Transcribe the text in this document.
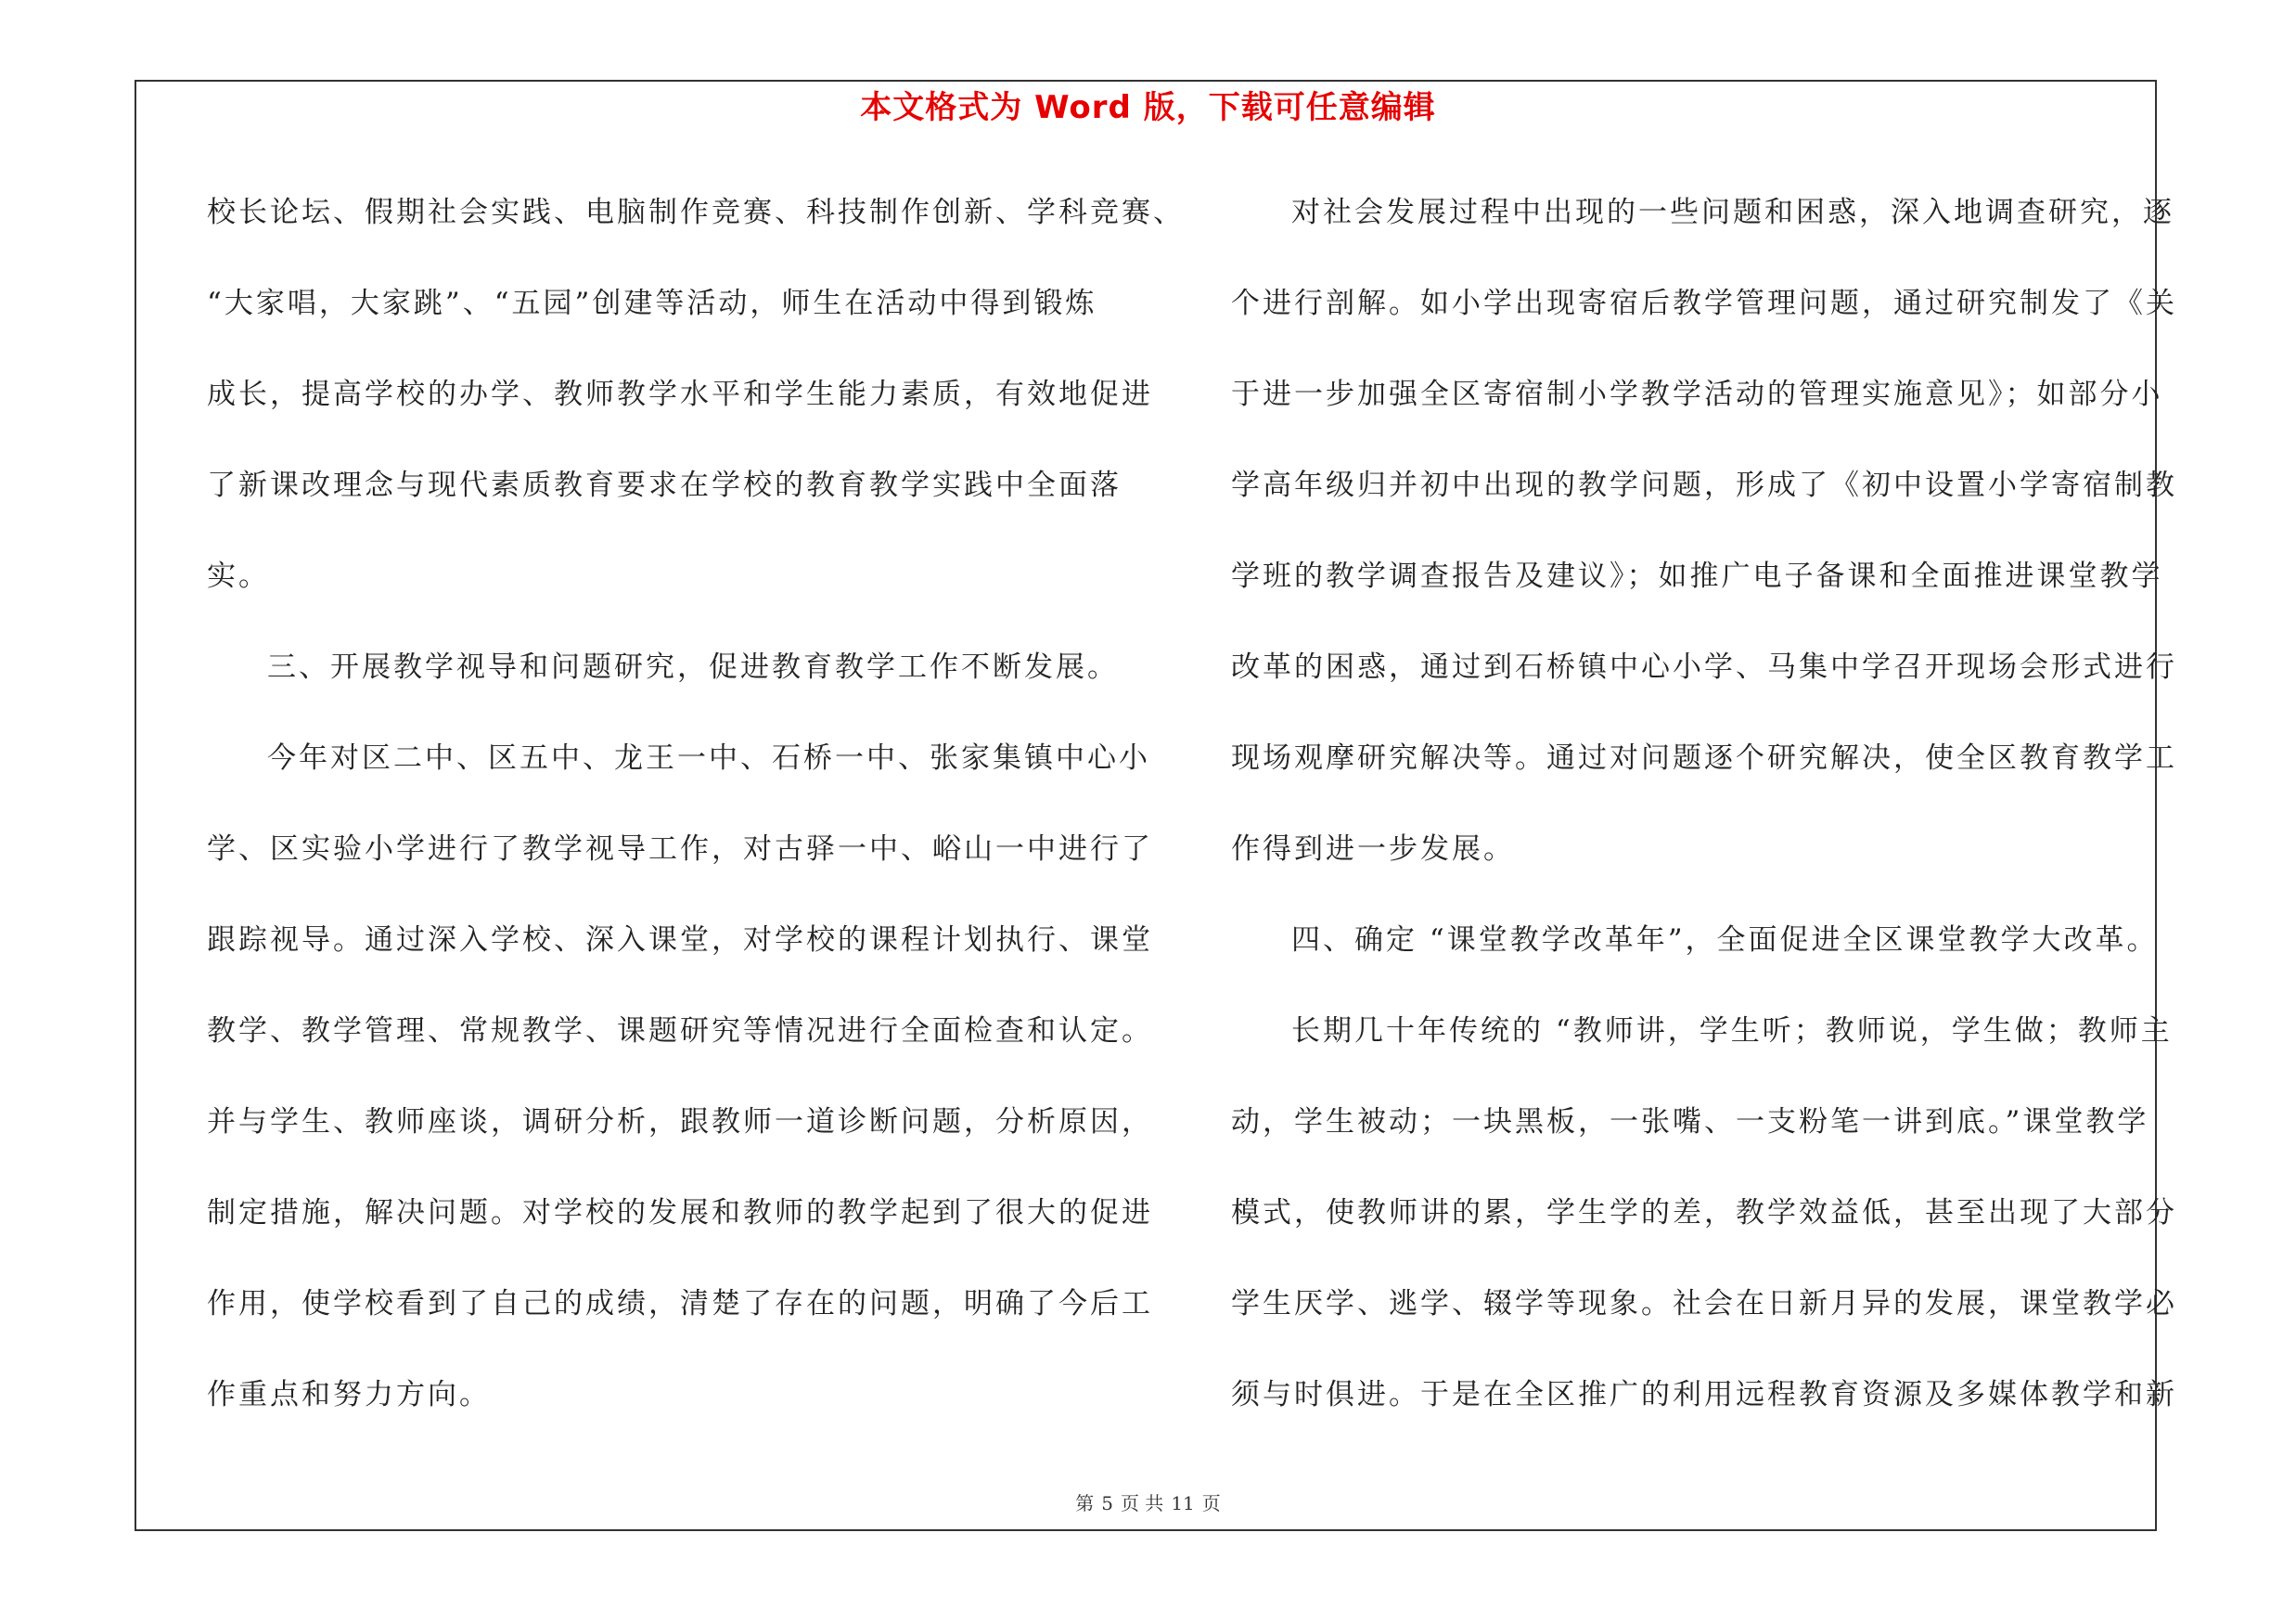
本文格式为 Word 版，下载可任意编辑
校长论坛、假期社会实践、电脑制作竞赛、科技制作创新、学科竞赛、
“大家唱，大家跳”、“五园”创建等活动，师生在活动中得到锻炼
成长，提高学校的办学、教师教学水平和学生能力素质，有效地促进
了新课改理念与现代素质教育要求在学校的教育教学实践中全面落
实。
三、开展教学视导和问题研究，促进教育教学工作不断发展。
今年对区二中、区五中、龙王一中、石桥一中、张家集镇中心小
学、区实验小学进行了教学视导工作，对古驿一中、峪山一中进行了
跟踪视导。通过深入学校、深入课堂，对学校的课程计划执行、课堂
教学、教学管理、常规教学、课题研究等情况进行全面检查和认定。
并与学生、教师座谈，调研分析，跟教师一道诊断问题，分析原因，
制定措施，解决问题。对学校的发展和教师的教学起到了很大的促进
作用，使学校看到了自己的成绩，清楚了存在的问题，明确了今后工
作重点和努力方向。
对社会发展过程中出现的一些问题和困惑，深入地调查研究，逐
个进行剖解。如小学出现寄宿后教学管理问题，通过研究制发了《关
于进一步加强全区寄宿制小学教学活动的管理实施意见》；如部分小
学高年级归并初中出现的教学问题，形成了《初中设置小学寄宿制教
学班的教学调查报告及建议》；如推广电子备课和全面推进课堂教学
改革的困惑，通过到石桥镇中心小学、马集中学召开现场会形式进行
现场观摩研究解决等。通过对问题逐个研究解决，使全区教育教学工
作得到进一步发展。
四、确定 “课堂教学改革年”，全面促进全区课堂教学大改革。
长期几十年传统的 “教师讲，学生听；教师说，学生做；教师主
动，学生被动；一块黑板，一张嘴、一支粉笔一讲到底。”课堂教学
模式，使教师讲的累，学生学的差，教学效益低，甚至出现了大部分
学生厌学、逃学、辍学等现象。社会在日新月异的发展，课堂教学必
须与时俱进。于是在全区推广的利用远程教育资源及多媒体教学和新
第 5 页 共 11 页
